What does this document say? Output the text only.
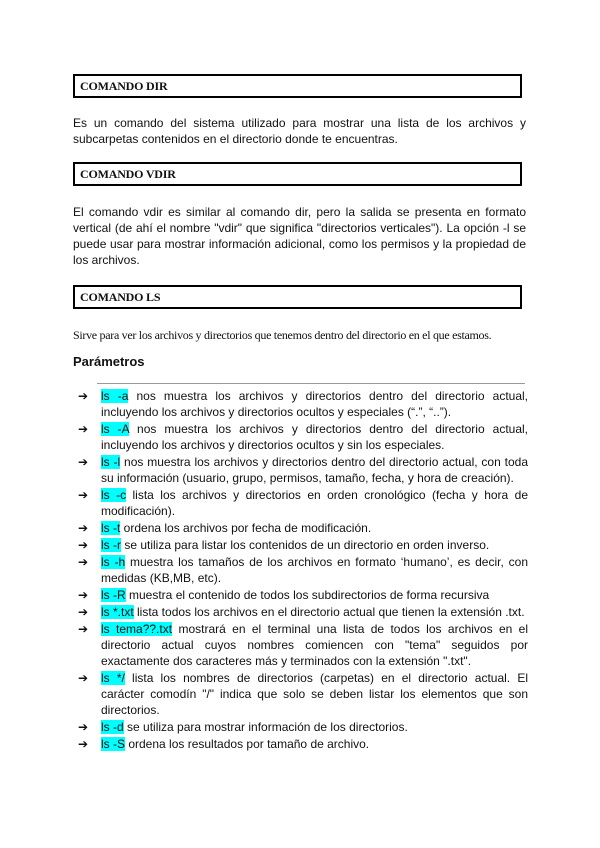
COMANDO DIR

Es un comando del sistema utilizado para mostrar una lista de los archivos y subcarpetas contenidos en el directorio donde te encuentras.

COMANDO VDIR

El comando vdir es similar al comando dir, pero la salida se presenta en formato vertical (de ahí el nombre "vdir" que significa "directorios verticales"). La opción -l se puede usar para mostrar información adicional, como los permisos y la propiedad de los archivos.

COMANDO LS

Sirve para ver los archivos y directorios que tenemos dentro del directorio en el que estamos.

Parámetros
➔ ls -a nos muestra los archivos y directorios dentro del directorio actual, incluyendo los archivos y directorios ocultos y especiales (“.”, “..”).
➔ ls -A nos muestra los archivos y directorios dentro del directorio actual, incluyendo los archivos y directorios ocultos y sin los especiales.
➔ ls -l nos muestra los archivos y directorios dentro del directorio actual, con toda su información (usuario, grupo, permisos, tamaño, fecha, y hora de creación).
➔ ls -c lista los archivos y directorios en orden cronológico (fecha y hora de modificación).
➔ ls -t ordena los archivos por fecha de modificación.
➔ ls -r se utiliza para listar los contenidos de un directorio en orden inverso.
➔ ls -h muestra los tamaños de los archivos en formato ‘humano’, es decir, con medidas (KB,MB, etc).
➔ ls -R muestra el contenido de todos los subdirectorios de forma recursiva
➔ ls *.txt lista todos los archivos en el directorio actual que tienen la extensión .txt.
➔ ls tema??.txt mostrará en el terminal una lista de todos los archivos en el directorio actual cuyos nombres comiencen con "tema" seguidos por exactamente dos caracteres más y terminados con la extensión ".txt".
➔ ls */ lista los nombres de directorios (carpetas) en el directorio actual. El carácter comodín "/" indica que solo se deben listar los elementos que son directorios.
➔ ls -d se utiliza para mostrar información de los directorios.
➔ ls -S ordena los resultados por tamaño de archivo.
